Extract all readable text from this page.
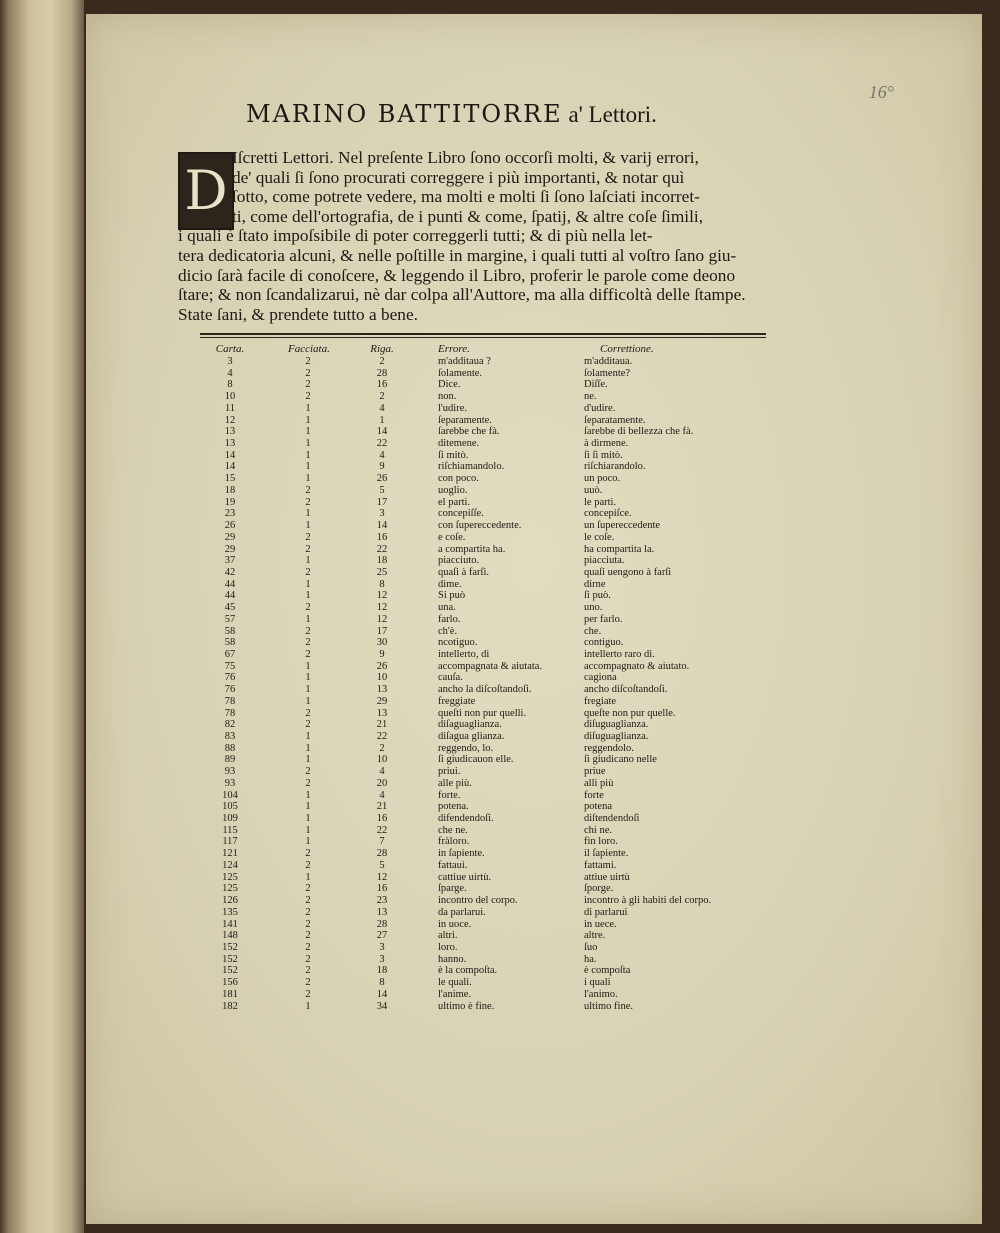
16°
MARINO BATTITORRE a' Lettori.
D
Iſcretti Lettori. Nel preſente Libro ſono occorſi molti, & varij errori,
de' quali ſi ſono procurati correggere i più importanti, & notar quì
ſotto, come potrete vedere, ma molti e molti ſi ſono laſciati incorret-
ti, come dell'ortografia, de i punti & come, ſpatij, & altre coſe ſimili,
i quali è ſtato impoſsibile di poter correggerli tutti; & di più nella let-
tera dedicatoria alcuni, & nelle poſtille in margine, i quali tutti al voſtro ſano giu-
dicio ſarà facile di conoſcere, & leggendo il Libro, proferir le parole come deono
ſtare; & non ſcandalizarui, nè dar colpa all'Auttore, ma alla difficoltà delle ſtampe.
State ſani, & prendete tutto a bene.
Carta.	Facciata.	Riga.	Errore.	Correttione.
3	2	2	m'additaua ?	m'additaua.
4	2	28	ſolamente.	ſolamente?
8	2	16	Dice.	Diſſe.
10	2	2	non.	ne.
11	1	4	l'udire.	d'udire.
12	1	1	ſeparamente.	ſeparatamente.
13	1	14	ſarebbe che fà.	ſarebbe di bellezza che fà.
13	1	22	ditemene.	à dirmene.
14	1	4	ſi mitò.	ſi ſi mitò.
14	1	9	riſchiamandolo.	riſchiarandolo.
15	1	26	con poco.	un poco.
18	2	5	uoglio.	uuò.
19	2	17	el parti.	le parti.
23	1	3	concepiſſe.	concepiſce.
26	1	14	con ſupereccedente.	un ſupereccedente
29	2	16	e coſe.	le coſe.
29	2	22	a compartita ha.	ha compartita la.
37	1	18	piacciuto.	piacciuta.
42	2	25	quaſi à farſi.	quaſi uengono à farſi
44	1	8	dime.	dirne
44	1	12	Si può	ſi può.
45	2	12	una.	uno.
57	1	12	farlo.	per farlo.
58	2	17	ch'è.	che.
58	2	30	ncotiguo.	contiguo.
67	2	9	intellerto, di	intellerto raro di.
75	1	26	accompagnata & aiutata.	accompagnato & aiutato.
76	1	10	cauſa.	cagiona
76	1	13	ancho la diſcoſtandoſi.	ancho diſcoſtandoſi.
78	1	29	freggiate	fregiate
78	2	13	queſti non pur quelli.	queſte non pur quelle.
82	2	21	diſaguaglianza.	diſuguaglianza.
83	1	22	diſagua glianza.	diſuguaglianza.
88	1	2	reggendo, lo.	reggendolo.
89	1	10	ſi giudicauon elle.	ſi giudicano nelle
93	2	4	priui.	priue
93	2	20	alle più.	alli più
104	1	4	forte.	forte
105	1	21	potena.	potena
109	1	16	difendendoſi.	diſtendendoſi
115	1	22	che ne.	chi ne.
117	1	7	fràloro.	fin loro.
121	2	28	in ſapiente.	il ſapiente.
124	2	5	fattaui.	fattami.
125	1	12	cattiue uirtù.	attiue uirtù
125	2	16	ſparge.	ſporge.
126	2	23	incontro del corpo.	incontro à gli habiti del corpo.
135	2	13	da parlarui.	di parlarui
141	2	28	in uoce.	in uece.
148	2	27	altri.	altre.
152	2	3	loro.	ſuo
152	2	3	hanno.	ha.
152	2	18	è la compoſta.	è compoſta
156	2	8	le quali.	i quali
181	2	14	l'anime.	l'animo.
182	1	34	ultimo è fine.	ultimo fine.
